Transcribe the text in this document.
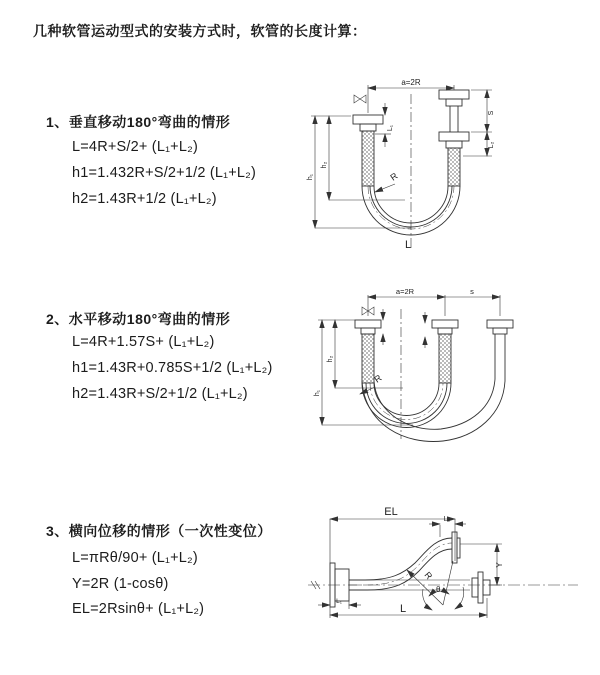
几种软管运动型式的安装方式时，软管的长度计算：
1、垂直移动180°弯曲的情形
L=4R+S/2+ (L₁+L₂)
h1=1.432R+S/2+1/2 (L₁+L₂)
h2=1.43R+1/2 (L₁+L₂)
2、水平移动180°弯曲的情形
L=4R+1.57S+ (L₁+L₂)
h1=1.43R+0.785S+1/2 (L₁+L₂)
h2=1.43R+S/2+1/2 (L₁+L₂)
3、横向位移的情形（一次性变位）
L=πRθ/90+ (L₁+L₂)
Y=2R (1-cosθ)
EL=2Rsinθ+ (L₁+L₂)
a=2R
L₁
h₂
h₁
S
L₂
R
L
a=2R	s
h₂
h₁
R
EL
L₂
Y
R
θ
L₁
L
